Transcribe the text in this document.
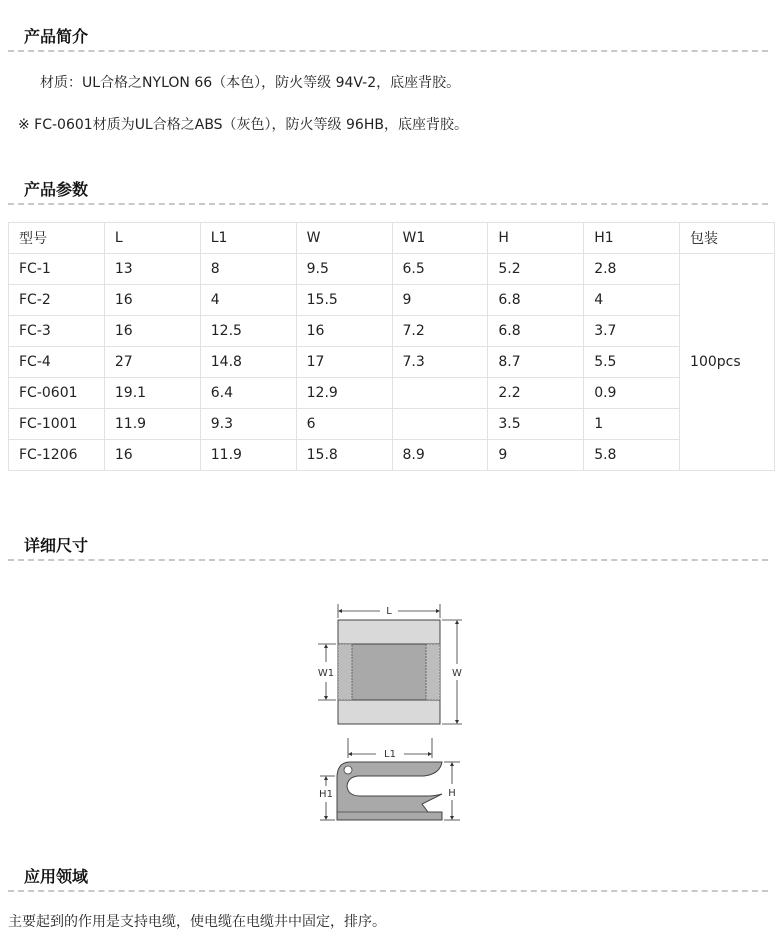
产品简介
材质：UL合格之NYLON 66（本色），防火等级 94V-2，底座背胶。
※ FC-0601材质为UL合格之ABS（灰色），防火等级 96HB，底座背胶。
产品参数
型号	L	L1	W	W1	H	H1	包装
FC-1	13	8	9.5	6.5	5.2	2.8	100pcs
FC-2	16	4	15.5	9	6.8	4	
FC-3	16	12.5	16	7.2	6.8	3.7	
FC-4	27	14.8	17	7.3	8.7	5.5	
FC-0601	19.1	6.4	12.9		2.2	0.9	
FC-1001	11.9	9.3	6		3.5	1	
FC-1206	16	11.9	15.8	8.9	9	5.8	
详细尺寸
L
W
W1
L1
H
H1
应用领域
主要起到的作用是支持电缆，使电缆在电缆井中固定，排序。
